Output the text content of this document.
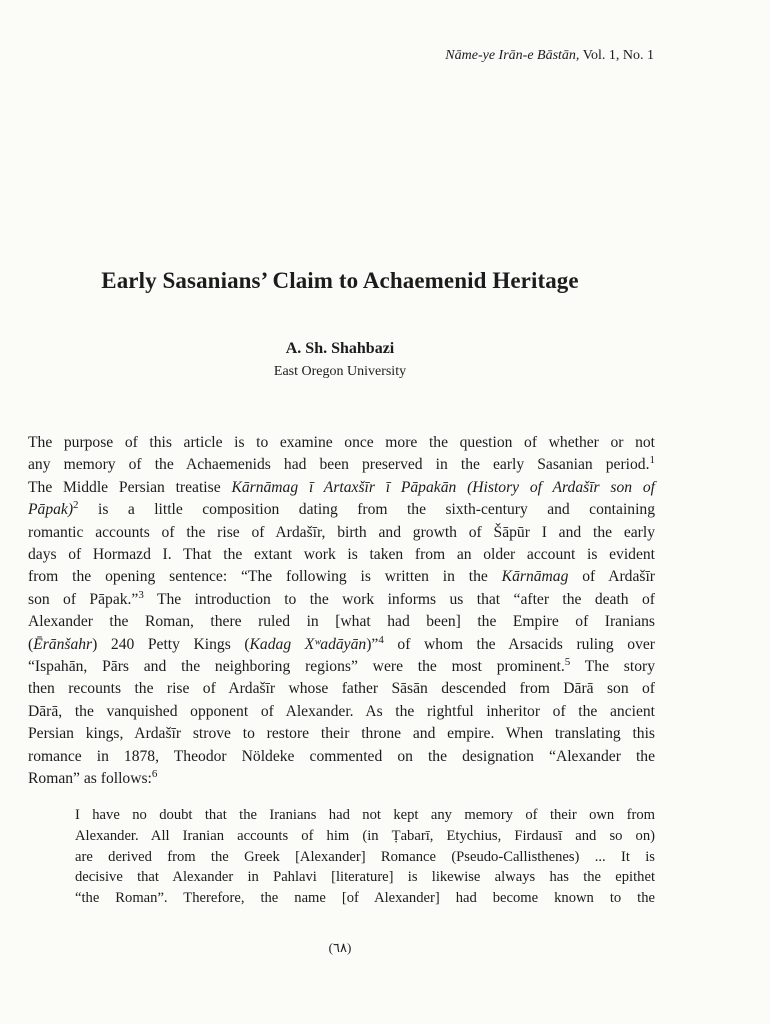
Nāme-ye Irān-e Bāstān, Vol. 1, No. 1
Early Sasanians’ Claim to Achaemenid Heritage
A. Sh. Shahbazi
East Oregon University
The purpose of this article is to examine once more the question of whether or not
any memory of the Achaemenids had been preserved in the early Sasanian period.$^1$
The Middle Persian treatise Kārnāmag ī Artaxšīr ī Pāpakān (History of Ardašīr son of
Pāpak)$^2$ is a little composition dating from the sixth-century and containing
romantic accounts of the rise of Ardašīr, birth and growth of Šāpūr I and the early
days of Hormazd I. That the extant work is taken from an older account is evident
from the opening sentence: “The following is written in the Kārnāmag of Ardašīr
son of Pāpak.”$^3$ The introduction to the work informs us that “after the death of
Alexander the Roman, there ruled in [what had been] the Empire of Iranians
(Ērānšahr) 240 Petty Kings (Kadag Xʷadāyān)”$^4$ of whom the Arsacids ruling over
“Ispahān, Pārs and the neighboring regions” were the most prominent.$^5$ The story
then recounts the rise of Ardašīr whose father Sāsān descended from Dārā son of
Dārā, the vanquished opponent of Alexander. As the rightful inheritor of the ancient
Persian kings, Ardašīr strove to restore their throne and empire. When translating this
romance in 1878, Theodor Nöldeke commented on the designation “Alexander the
Roman” as follows:$^6$
I have no doubt that the Iranians had not kept any memory of their own from
Alexander. All Iranian accounts of him (in Ṭabarī, Etychius, Firdausī and so on)
are derived from the Greek [Alexander] Romance (Pseudo-Callisthenes) ... It is
decisive that Alexander in Pahlavi [literature] is likewise always has the epithet
“the Roman”. Therefore, the name [of Alexander] had become known to the
(٦٨)
